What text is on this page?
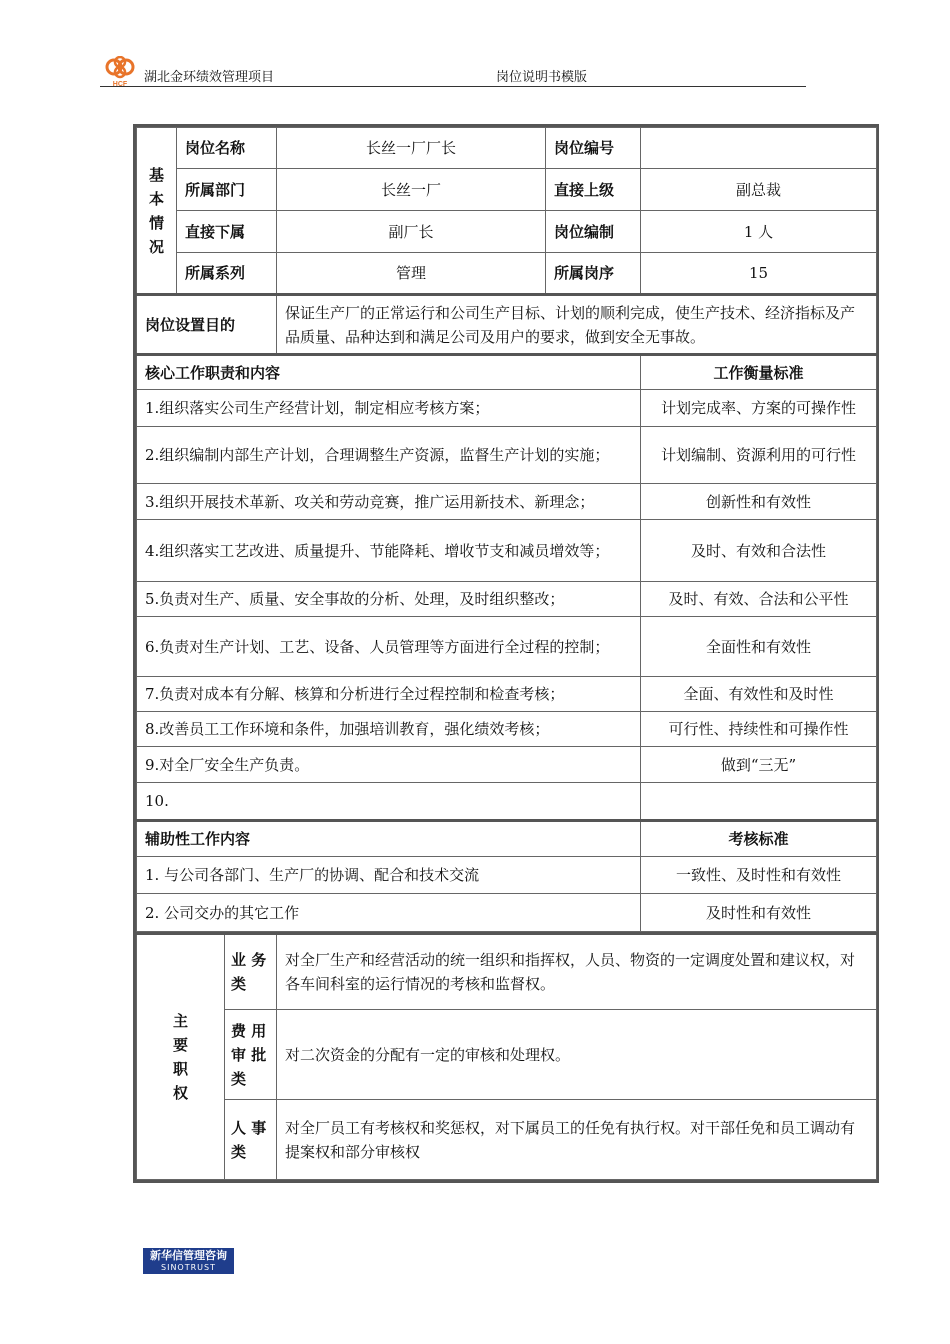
HCF 湖北金环绩效管理项目	岗位说明书模版
基
本
情
况	岗位名称	长丝一厂厂长	岗位编号	
	所属部门	长丝一厂	直接上级	副总裁
	直接下属	副厂长	岗位编制	1 人
	所属系列	管理	所属岗序	15
岗位设置目的		保证生产厂的正常运行和公司生产目标、计划的顺利完成，使生产技术、经济指标及产品质量、品种达到和满足公司及用户的要求，做到安全无事故。		
核心工作职责和内容				工作衡量标准
1.组织落实公司生产经营计划，制定相应考核方案；				计划完成率、方案的可操作性
2.组织编制内部生产计划，合理调整生产资源，监督生产计划的实施；				计划编制、资源利用的可行性
3.组织开展技术革新、攻关和劳动竞赛，推广运用新技术、新理念；				创新性和有效性
4.组织落实工艺改进、质量提升、节能降耗、增收节支和减员增效等；				及时、有效和合法性
5.负责对生产、质量、安全事故的分析、处理，及时组织整改；				及时、有效、合法和公平性
6.负责对生产计划、工艺、设备、人员管理等方面进行全过程的控制；				全面性和有效性
7.负责对成本有分解、核算和分析进行全过程控制和检查考核；				全面、有效性和及时性
8.改善员工工作环境和条件，加强培训教育，强化绩效考核；				可行性、持续性和可操作性
9.对全厂安全生产负责。				做到“三无”
10.				
辅助性工作内容				考核标准
1. 与公司各部门、生产厂的协调、配合和技术交流				一致性、及时性和有效性
2. 公司交办的其它工作				及时性和有效性
主
要
职
权	业 务 类	对全厂生产和经营活动的统一组织和指挥权，人员、物资的一定调度处置和建议权，对各车间科室的运行情况的考核和监督权。
	费 用 审 批 类	对二次资金的分配有一定的审核和处理权。
	人 事 类	对全厂员工有考核权和奖惩权，对下属员工的任免有执行权。对干部任免和员工调动有提案权和部分审核权
新华信管理咨询
SINOTRUST
